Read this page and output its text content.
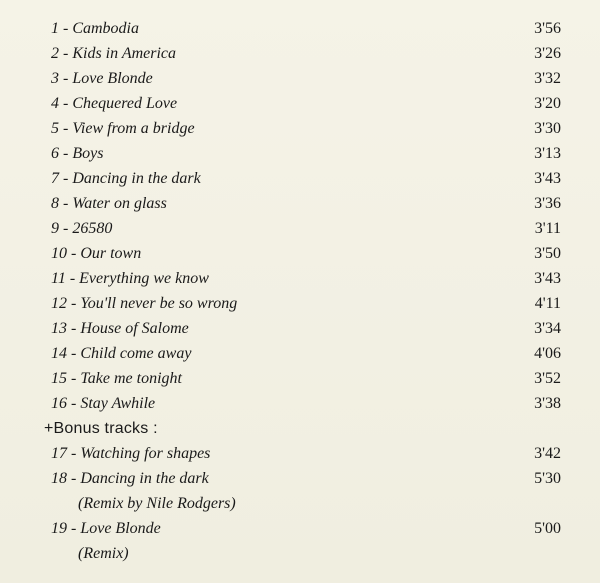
1 - Cambodia	3'56
2 - Kids in America	3'26
3 - Love Blonde	3'32
4 - Chequered Love	3'20
5 - View from a bridge	3'30
6 - Boys	3'13
7 - Dancing in the dark	3'43
8 - Water on glass	3'36
9 - 26580	3'11
10 - Our town	3'50
11 - Everything we know	3'43
12 - You'll never be so wrong	4'11
13 - House of Salome	3'34
14 - Child come away	4'06
15 - Take me tonight	3'52
16 - Stay Awhile	3'38
+Bonus tracks :
17 - Watching for shapes	3'42
18 - Dancing in the dark	5'30
(Remix by Nile Rodgers)
19 - Love Blonde	5'00
(Remix)
